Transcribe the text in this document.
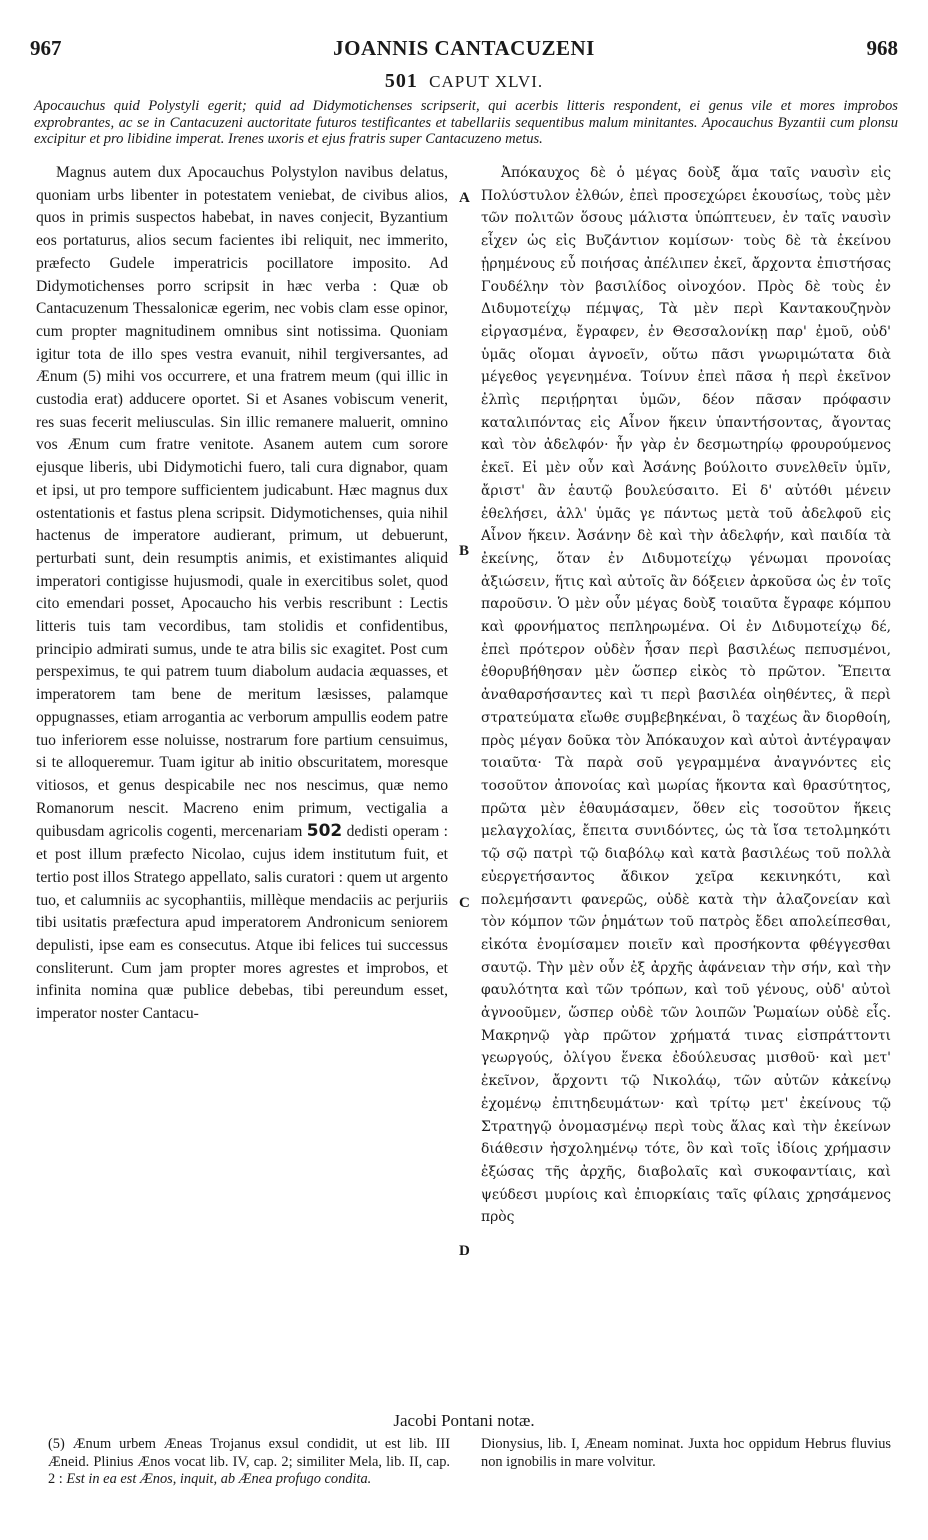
967	JOANNIS CANTACUZENI	968
501 CAPUT XLVI.
Apocauchus quid Polystyli egerit; quid ad Didymotichenses scripserit, qui acerbis litteris respondent, ei genus vile et mores improbos exprobrantes, ac se in Cantacuzeni auctoritate futuros testificantes et tabellariis sequentibus malum minitantes. Apocauchus Byzantii cum plonsu excipitur et pro libidine imperat. Irenes uxoris et ejus fratris super Cantacuzeno metus.

Magnus autem dux Apocauchus Polystylon navibus delatus, quoniam urbs libenter in potestatem veniebat, de civibus alios, quos in primis suspectos habebat, in naves conjecit, Byzantium eos portaturus, alios secum facientes ibi reliquit, nec immerito, præfecto Gudele imperatricis pocillatore imposito. Ad Didymotichenses porro scripsit in hæc verba : Quæ ob Cantacuzenum Thessalonicæ egerim, nec vobis clam esse opinor, cum propter magnitudinem omnibus sint notissima. Quoniam igitur tota de illo spes vestra evanuit, nihil tergiversantes, ad Ænum (5) mihi vos occurrere, et una fratrem meum (qui illic in custodia erat) adducere oportet. Si et Asanes vobiscum venerit, res suas fecerit meliusculas. Sin illic remanere maluerit, omnino vos Ænum cum fratre venitote. Asanem autem cum sorore ejusque liberis, ubi Didymotichi fuero, tali cura dignabor, quam et ipsi, ut pro tempore sufficientem judicabunt. Hæc magnus dux ostentationis et fastus plena scripsit. Didymotichenses, quia nihil hactenus de imperatore audierant, primum, ut debuerunt, perturbati sunt, dein resumptis animis, et existimantes aliquid imperatori contigisse hujusmodi, quale in exercitibus solet, quod cito emendari posset, Apocaucho his verbis rescribunt : Lectis litteris tuis tam vecordibus, tam stolidis et confidentibus, principio admirati sumus, unde te atra bilis sic exagitet. Post cum perspeximus, te qui patrem tuum diabolum audacia æquasses, et imperatorem tam bene de meritum læsisses, palamque oppugnasses, etiam arrogantia ac verborum ampullis eodem patre tuo inferiorem esse noluisse, nostrarum fore partium censuimus, si te alloqueremur. Tuam igitur ab initio obscuritatem, moresque vitiosos, et genus despicabile nec nos nescimus, quæ nemo Romanorum nescit. Macreno enim primum, vectigalia a quibusdam agricolis cogenti, mercenariam 502 dedisti operam : et post illum præfecto Nicolao, cujus idem institutum fuit, et tertio post illos Stratego appellato, salis curatori : quem ut argento tuo, et calumniis ac sycophantiis, millèque mendaciis ac perjuriis tibi usitatis præfectura apud imperatorem Andronicum seniorem depulisti, ipse eam es consecutus. Atque ibi felices tui successus consliterunt. Cum jam propter mores agrestes et improbos, et infinita nomina quæ publice debebas, tibi pereundum esset, imperator noster Cantacu-

A
B
C
D

Ἀπόκαυχος δὲ ὁ μέγας δοὺξ ἅμα ταῖς ναυσὶν εἰς Πολύστυλον ἐλθών, ἐπεὶ προσεχώρει ἑκουσίως, τοὺς μὲν τῶν πολιτῶν ὅσους μάλιστα ὑπώπτευεν, ἐν ταῖς ναυσὶν εἶχεν ὡς εἰς Βυζάντιον κομίσων· τοὺς δὲ τὰ ἐκείνου ᾑρημένους εὖ ποιήσας ἀπέλιπεν ἐκεῖ, ἄρχοντα ἐπιστήσας Γουδέλην τὸν βασιλίδος οἰνοχόον. Πρὸς δὲ τοὺς ἐν Διδυμοτείχῳ πέμψας, Τὰ μὲν περὶ Καντακουζηνὸν εἰργασμένα, ἔγραφεν, ἐν Θεσσαλονίκῃ παρ' ἐμοῦ, οὐδ' ὑμᾶς οἴομαι ἀγνοεῖν, οὕτω πᾶσι γνωριμώτατα διὰ μέγεθος γεγενημένα. Τοίνυν ἐπεὶ πᾶσα ἡ περὶ ἐκεῖνον ἐλπὶς περιῄρηται ὑμῶν, δέον πᾶσαν πρόφασιν καταλιπόντας εἰς Αἶνον ἥκειν ὑπαντήσοντας, ἄγοντας καὶ τὸν ἀδελφόν· ἦν γὰρ ἐν δεσμωτηρίῳ φρουρούμενος ἐκεῖ. Εἰ μὲν οὖν καὶ Ἀσάνης βούλοιτο συνελθεῖν ὑμῖν, ἄριστ' ἂν ἑαυτῷ βουλεύσαιτο. Εἰ δ' αὐτόθι μένειν ἐθελήσει, ἀλλ' ὑμᾶς γε πάντως μετὰ τοῦ ἀδελφοῦ εἰς Αἶνον ἥκειν. Ἀσάνην δὲ καὶ τὴν ἀδελφήν, καὶ παιδία τὰ ἐκείνης, ὅταν ἐν Διδυμοτείχῳ γένωμαι προνοίας ἀξιώσειν, ἥτις καὶ αὐτοῖς ἂν δόξειεν ἀρκοῦσα ὡς ἐν τοῖς παροῦσιν. Ὁ μὲν οὖν μέγας δοὺξ τοιαῦτα ἔγραφε κόμπου καὶ φρονήματος πεπληρωμένα. Οἱ ἐν Διδυμοτείχῳ δέ, ἐπεὶ πρότερον οὐδὲν ἦσαν περὶ βασιλέως πεπυσμένοι, ἐθορυβήθησαν μὲν ὥσπερ εἰκὸς τὸ πρῶτον. Ἔπειτα ἀναθαρσήσαντες καὶ τι περὶ βασιλέα οἰηθέντες, ἃ περὶ στρατεύματα εἴωθε συμβεβηκέναι, ὃ ταχέως ἂν διορθοίη, πρὸς μέγαν δοῦκα τὸν Ἀπόκαυχον καὶ αὐτοὶ ἀντέγραψαν τοιαῦτα· Τὰ παρὰ σοῦ γεγραμμένα ἀναγνόντες εἰς τοσοῦτον ἀπονοίας καὶ μωρίας ἥκοντα καὶ θρασύτητος, πρῶτα μὲν ἐθαυμάσαμεν, ὅθεν εἰς τοσοῦτον ἥκεις μελαγχολίας, ἔπειτα συνιδόντες, ὡς τὰ ἴσα τετολμηκότι τῷ σῷ πατρὶ τῷ διαβόλῳ καὶ κατὰ βασιλέως τοῦ πολλὰ εὐεργετήσαντος ἄδικον χεῖρα κεκινηκότι, καὶ πολεμήσαντι φανερῶς, οὐδὲ κατὰ τὴν ἀλαζονείαν καὶ τὸν κόμπον τῶν ῥημάτων τοῦ πατρὸς ἔδει απολείπεσθαι, εἰκότα ἐνομίσαμεν ποιεῖν καὶ προσήκοντα φθέγγεσθαι σαυτῷ. Τὴν μὲν οὖν ἐξ ἀρχῆς ἀφάνειαν τὴν σήν, καὶ τὴν φαυλότητα καὶ τῶν τρόπων, καὶ τοῦ γένους, οὐδ' αὐτοὶ ἀγνοοῦμεν, ὥσπερ οὐδὲ τῶν λοιπῶν Ῥωμαίων οὐδὲ εἷς. Μακρηνῷ γὰρ πρῶτον χρήματά τινας εἰσπράττοντι γεωργούς, ὀλίγου ἕνεκα ἐδούλευσας μισθοῦ· καὶ μετ' ἐκεῖνον, ἄρχοντι τῷ Νικολάῳ, τῶν αὐτῶν κἀκείνῳ ἐχομένῳ ἐπιτηδευμάτων· καὶ τρίτῳ μετ' ἐκείνους τῷ Στρατηγῷ ὀνομασμένῳ περὶ τοὺς ἅλας καὶ τὴν ἐκείνων διάθεσιν ἠσχολημένῳ τότε, ὃν καὶ τοῖς ἰδίοις χρήμασιν ἐξώσας τῆς ἀρχῆς, διαβολαῖς καὶ συκοφαντίαις, καὶ ψεύδεσι μυρίοις καὶ ἐπιορκίαις ταῖς φίλαις χρησάμενος πρὸς

Jacobi Pontani notæ.

(5) Ænum urbem Æneas Trojanus exsul condidit, ut est lib. III Æneid. Plinius Ænos vocat lib. IV, cap. 2; similiter Mela, lib. II, cap. 2 : Est in ea est Ænos, inquit, ab Ænea profugo condita.

Dionysius, lib. I, Æneam nominat. Juxta hoc oppidum Hebrus fluvius non ignobilis in mare volvitur.
